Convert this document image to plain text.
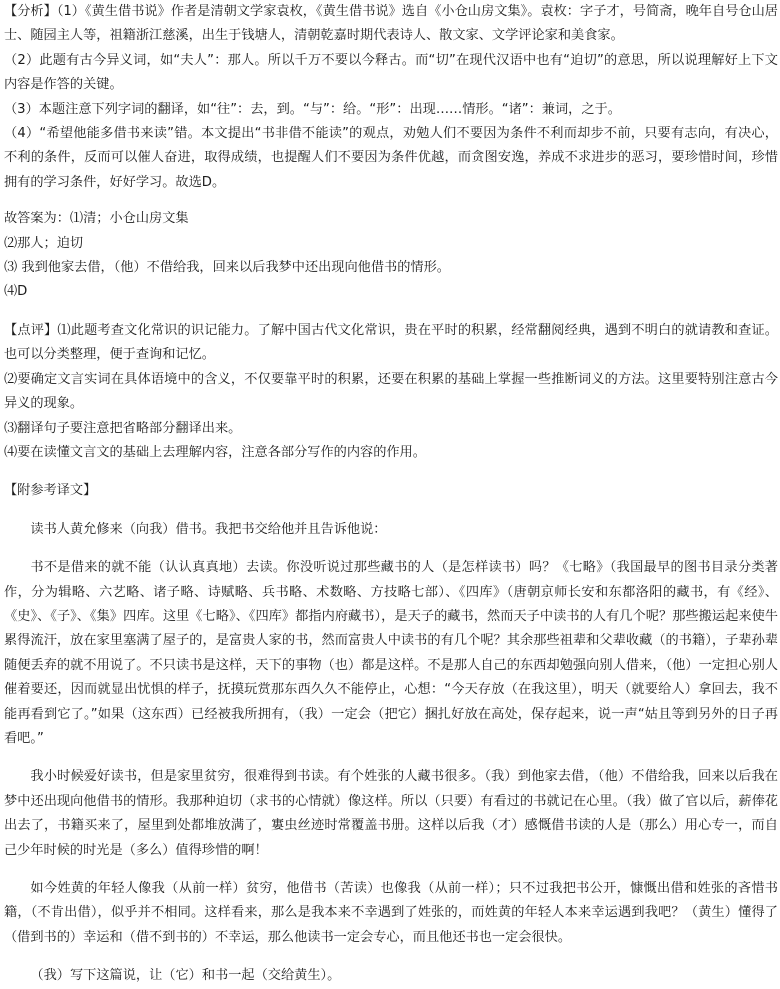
【分析】（1）《黄生借书说》作者是清朝文学家袁枚，《黄生借书说》选自《小仓山房文集》。袁枚：字子才，号简斋，晚年自号仓山居士、随园主人等，祖籍浙江慈溪，出生于钱塘人，清朝乾嘉时期代表诗人、散文家、文学评论家和美食家。

（2）此题有古今异义词，如“夫人”：那人。所以千万不要以今释古。而“切”在现代汉语中也有“迫切”的意思，所以说理解好上下文内容是作答的关键。

（3）本题注意下列字词的翻译，如“往”：去，到。“与”：给。“形”：出现……情形。“诸”：兼词，之于。

（4）“希望他能多借书来读”错。本文提出“书非借不能读”的观点，劝勉人们不要因为条件不利而却步不前，只要有志向，有决心，不利的条件，反而可以催人奋进，取得成绩，也提醒人们不要因为条件优越，而贪图安逸，养成不求进步的恶习，要珍惜时间，珍惜拥有的学习条件，好好学习。故选D。

故答案为：⑴清；小仓山房文集

⑵那人；迫切

⑶ 我到他家去借，（他）不借给我，回来以后我梦中还出现向他借书的情形。

⑷D

【点评】⑴此题考查文化常识的识记能力。了解中国古代文化常识，贵在平时的积累，经常翻阅经典，遇到不明白的就请教和查证。也可以分类整理，便于查询和记忆。

⑵要确定文言实词在具体语境中的含义，不仅要靠平时的积累，还要在积累的基础上掌握一些推断词义的方法。这里要特别注意古今异义的现象。

⑶翻译句子要注意把省略部分翻译出来。

⑷要在读懂文言文的基础上去理解内容，注意各部分写作的内容的作用。

【附参考译文】

读书人黄允修来（向我）借书。我把书交给他并且告诉他说：

书不是借来的就不能（认认真真地）去读。你没听说过那些藏书的人（是怎样读书）吗？《七略》（我国最早的图书目录分类著作，分为辑略、六艺略、诸子略、诗赋略、兵书略、术数略、方技略七部）、《四库》（唐朝京师长安和东都洛阳的藏书，有《经》、《史》、《子》、《集》四库。这里《七略》、《四库》都指内府藏书），是天子的藏书，然而天子中读书的人有几个呢？那些搬运起来使牛累得流汗，放在家里塞满了屋子的，是富贵人家的书，然而富贵人中读书的有几个呢？其余那些祖辈和父辈收藏（的书籍），子辈孙辈随便丢弃的就不用说了。不只读书是这样，天下的事物（也）都是这样。不是那人自己的东西却勉强向别人借来，（他）一定担心别人催着要还，因而就显出忧惧的样子，抚摸玩赏那东西久久不能停止，心想：“今天存放（在我这里），明天（就要给人）拿回去，我不能再看到它了。”如果（这东西）已经被我所拥有，（我）一定会（把它）捆扎好放在高处，保存起来，说一声“姑且等到另外的日子再看吧。”

我小时候爱好读书，但是家里贫穷，很难得到书读。有个姓张的人藏书很多。（我）到他家去借，（他）不借给我，回来以后我在梦中还出现向他借书的情形。我那种迫切（求书的心情就）像这样。所以（只要）有看过的书就记在心里。（我）做了官以后，薪俸花出去了，书籍买来了，屋里到处都堆放满了，寠虫丝迹时常覆盖书册。这样以后我（才）感慨借书读的人是（那么）用心专一，而自己少年时候的时光是（多么）值得珍惜的啊！

如今姓黄的年轻人像我（从前一样）贫穷，他借书（苦读）也像我（从前一样）；只不过我把书公开，慷慨出借和姓张的吝惜书籍，（不肯出借），似乎并不相同。这样看来，那么是我本来不幸遇到了姓张的，而姓黄的年轻人本来幸运遇到我吧？（黄生）懂得了（借到书的）幸运和（借不到书的）不幸运，那么他读书一定会专心，而且他还书也一定会很快。

（我）写下这篇说，让（它）和书一起（交给黄生）。
